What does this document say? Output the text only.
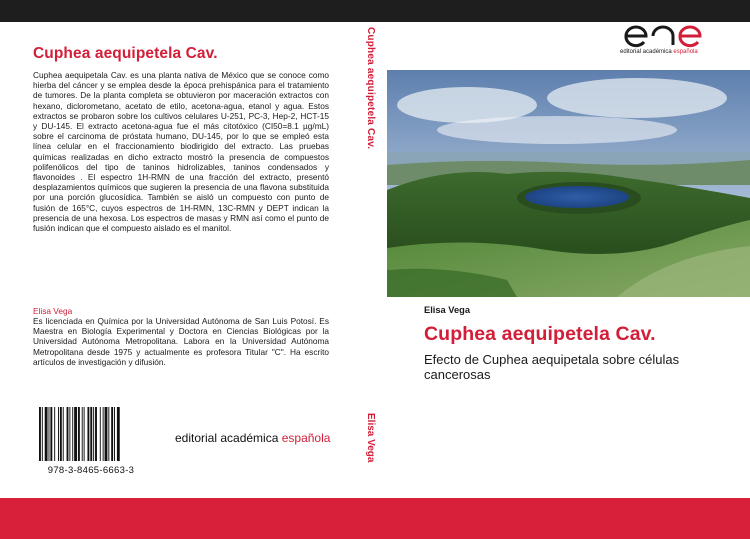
Cuphea aequipetela Cav.

Cuphea aequipetala Cav. es una planta nativa de México que se conoce como hierba del cáncer y se emplea desde la época prehispánica para el tratamiento de tumores. De la planta completa se obtuvieron por maceración extractos con hexano, diclorometano, acetato de etilo, acetona-agua, etanol y agua. Estos extractos se probaron sobre los cultivos celulares U-251, PC-3, Hep-2, HCT-15 y DU-145. El extracto acetona-agua fue el más citotóxico (CI50=8.1 µg/mL) sobre el carcinoma de próstata humano, DU-145, por lo que se empleó esta línea celular en el fraccionamiento biodirigido del extracto. Las pruebas químicas realizadas en dicho extracto mostró la presencia de compuestos polifenólicos del tipo de taninos hidrolizables, taninos condensados y flavonoides . El espectro 1H-RMN de una fracción del extracto, presentó desplazamientos químicos que sugieren la presencia de una flavona substituida por una porción glucosídica. También se aisló un compuesto con punto de fusión de 165°C, cuyos espectros de 1H-RMN, 13C-RMN y DEPT indican la presencia de una hexosa. Los espectros de masas y RMN así como el punto de fusión indican que el compuesto aislado es el manitol.

Elisa Vega

Es licenciada en Química por la Universidad Autónoma de San Luis Potosí. Es Maestra en Biología Experimental y Doctora en Ciencias Biológicas por la Universidad Autónoma Metropolitana. Labora en la Universidad Autónoma Metropolitana desde 1975 y actualmente es profesora Titular "C". Ha escrito artículos de investigación y difusión.

978-3-8465-6663-3
editorial académica española
Cuphea aequipetela Cav.
Elisa Vega
editorial académica española
Elisa Vega
Cuphea aequipetela Cav.

Efecto de Cuphea aequipetala sobre células cancerosas
